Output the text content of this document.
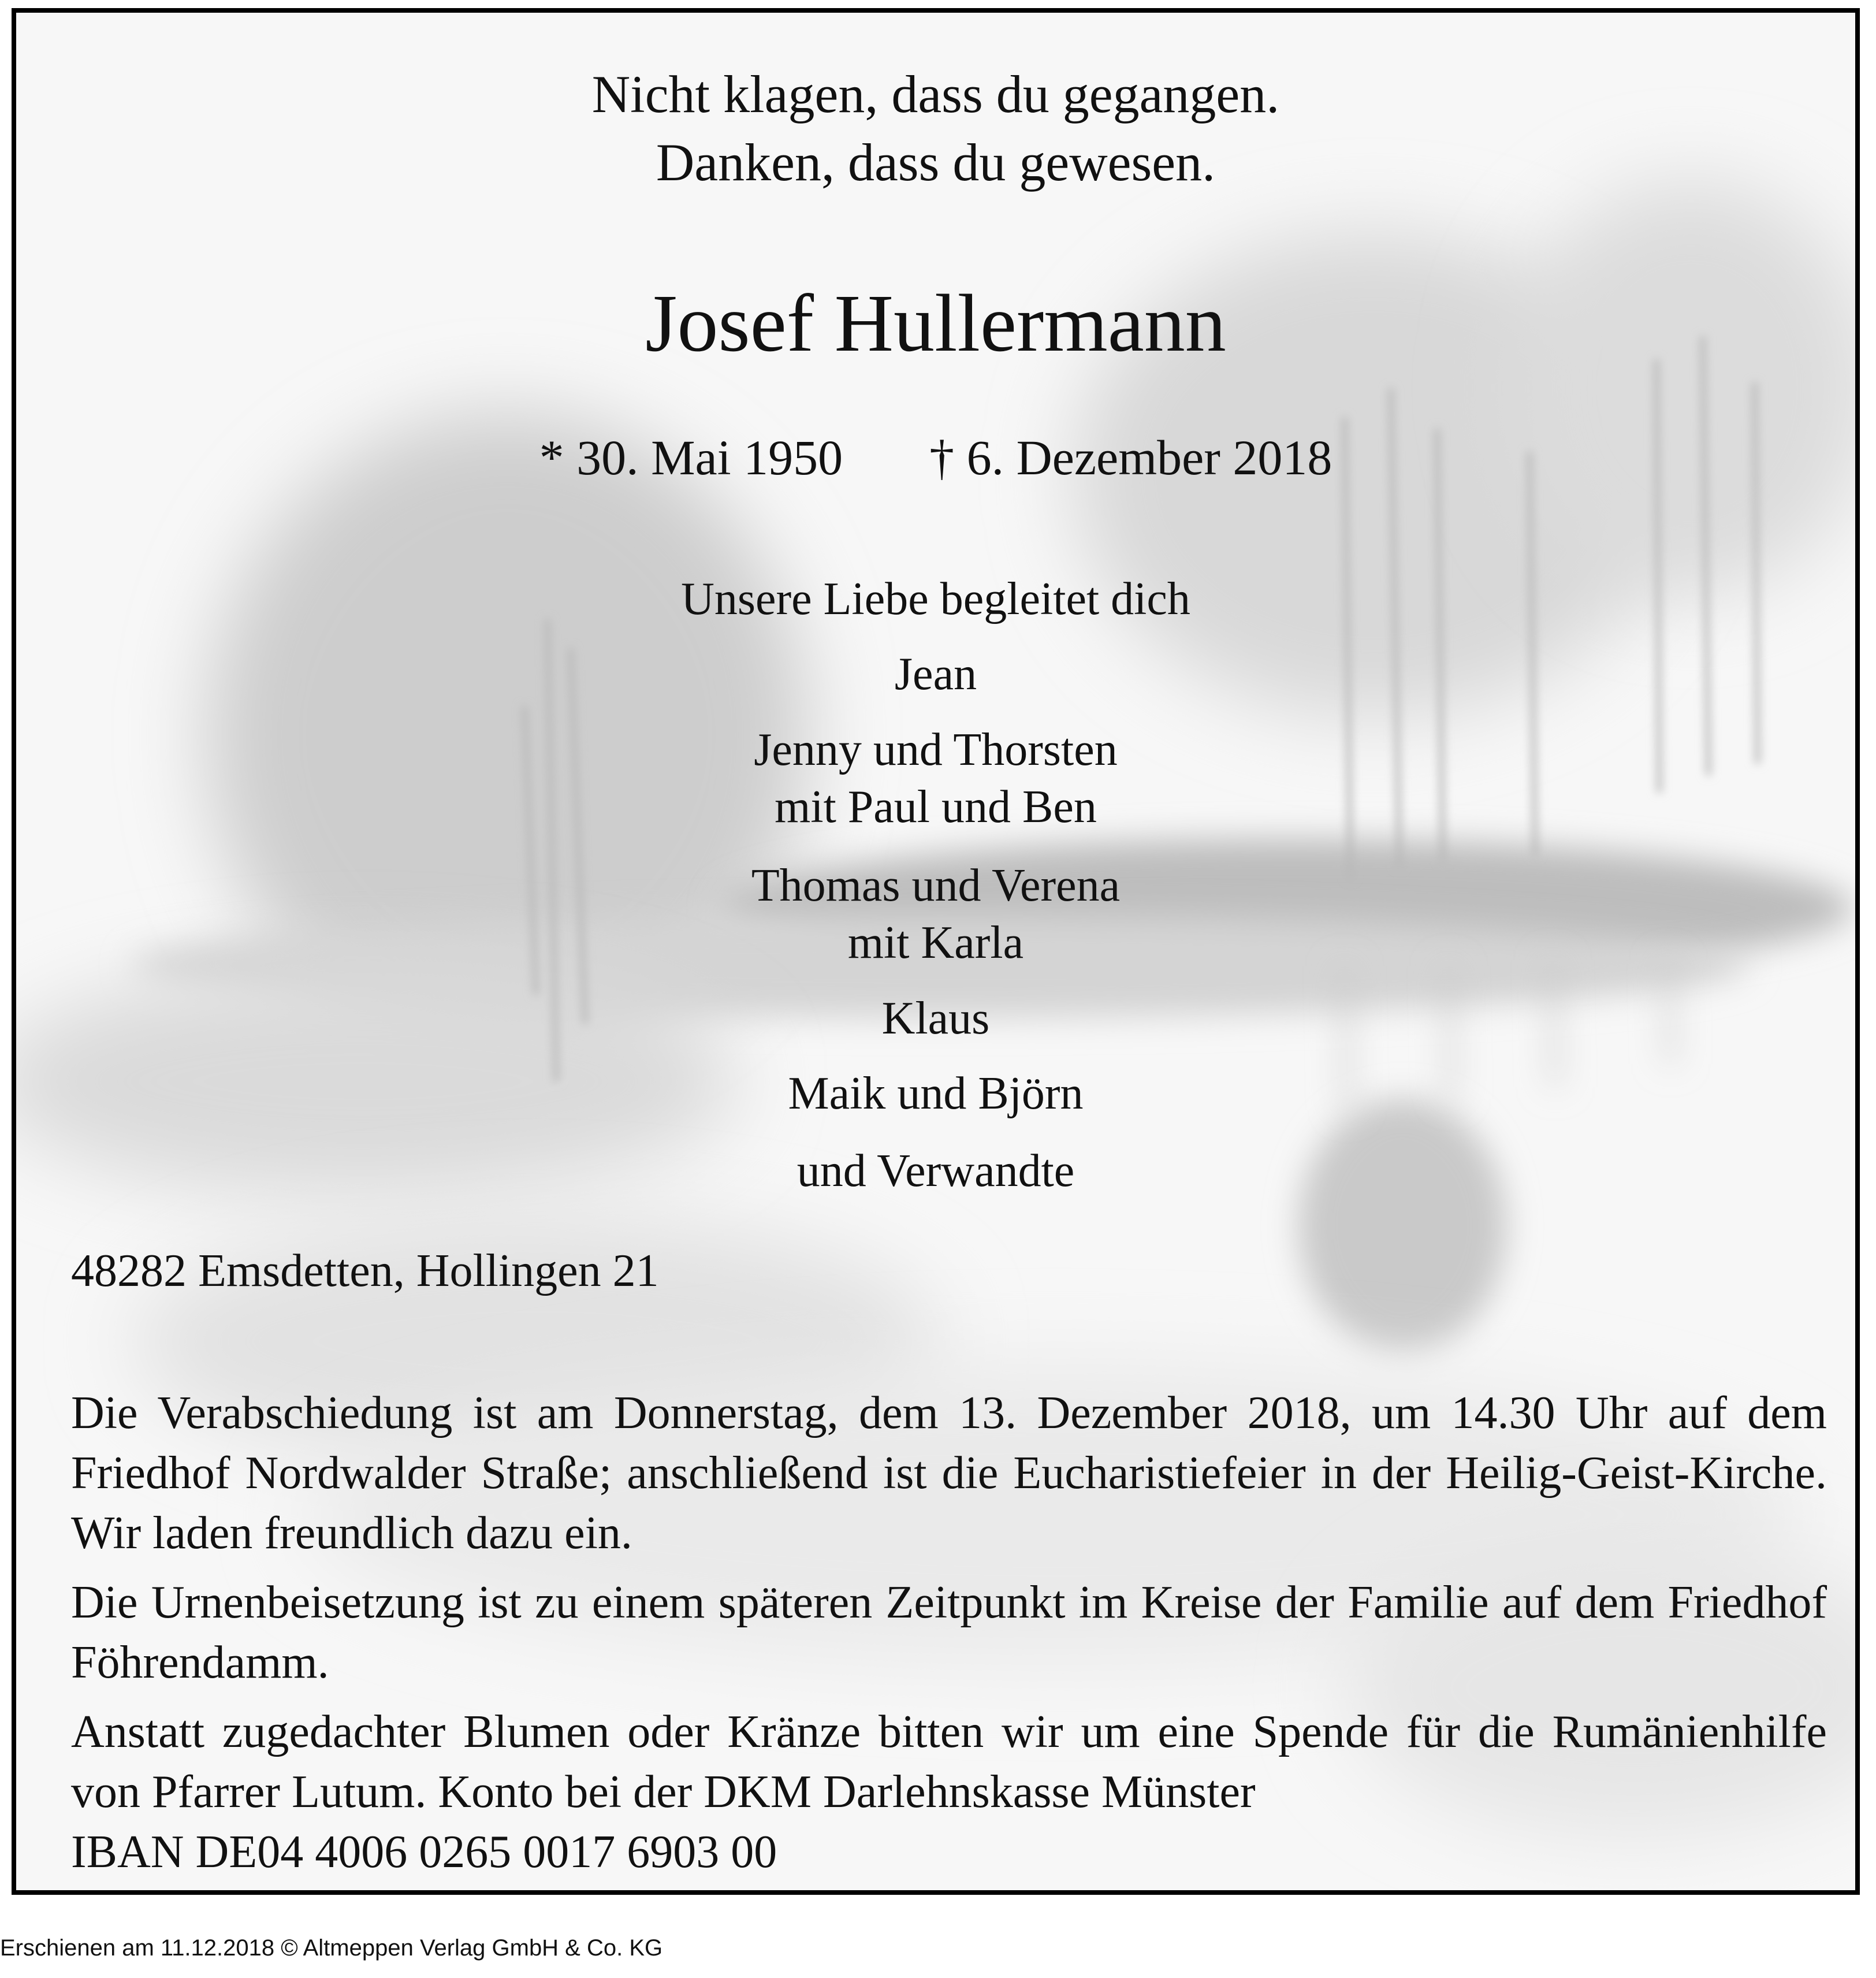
Nicht klagen, dass du gegangen.

Danken, dass du gewesen.

Josef Hullermann

* 30. Mai 1950 † 6. Dezember 2018

Unsere Liebe begleitet dich

Jean

Jenny und Thorsten

mit Paul und Ben

Thomas und Verena

mit Karla

Klaus

Maik und Björn

und Verwandte

48282 Emsdetten, Hollingen 21

Die Verabschiedung ist am Donnerstag, dem 13. Dezember 2018, um 14.30 Uhr auf dem Friedhof Nordwalder Straße; anschließend ist die Eucharistiefeier in der Heilig-Geist-Kirche. Wir laden freundlich dazu ein.

Die Urnenbeisetzung ist zu einem späteren Zeitpunkt im Kreise der Familie auf dem Friedhof Föhrendamm.

Anstatt zugedachter Blumen oder Kränze bitten wir um eine Spende für die Rumänienhilfe von Pfarrer Lutum. Konto bei der DKM Darlehnskasse Münster

IBAN DE04 4006 0265 0017 6903 00

Erschienen am 11.12.2018 © Altmeppen Verlag GmbH & Co. KG
